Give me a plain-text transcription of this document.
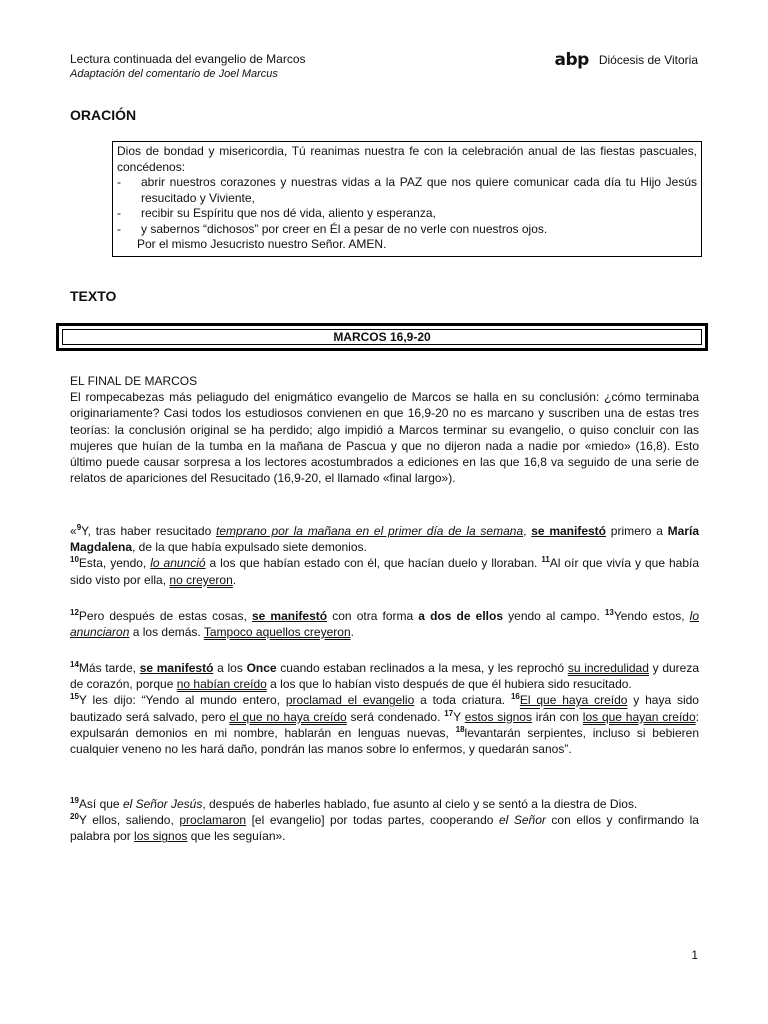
Lectura continuada del evangelio de Marcos
Adaptación del comentario de Joel Marcus
abp Diócesis de Vitoria
ORACIÓN
Dios de bondad y misericordia, Tú reanimas nuestra fe con la celebración anual de las fiestas pascuales, concédenos:
- abrir nuestros corazones y nuestras vidas a la PAZ que nos quiere comunicar cada día tu Hijo Jesús resucitado y Viviente,
- recibir su Espíritu que nos dé vida, aliento y esperanza,
- y sabernos “dichosos” por creer en Él a pesar de no verle con nuestros ojos.
Por el mismo Jesucristo nuestro Señor. AMEN.
TEXTO
MARCOS 16,9-20
EL FINAL DE MARCOS
El rompecabezas más peliagudo del enigmático evangelio de Marcos se halla en su conclusión: ¿cómo terminaba originariamente? Casi todos los estudiosos convienen en que 16,9-20 no es marcano y suscriben una de estas tres teorías: la conclusión original se ha perdido; algo impidió a Marcos terminar su evangelio, o quiso concluir con las mujeres que huían de la tumba en la mañana de Pascua y que no dijeron nada a nadie por «miedo» (16,8). Esto último puede causar sorpresa a los lectores acostumbrados a ediciones en las que 16,8 va seguido de una serie de relatos de apariciones del Resucitado (16,9-20, el llamado «final largo»).
«$^9$Y, tras haber resucitado temprano por la mañana en el primer día de la semana, se manifestó primero a María Magdalena, de la que había expulsado siete demonios.
$^{10}$Esta, yendo, lo anunció a los que habían estado con él, que hacían duelo y lloraban. $^{11}$Al oír que vivía y que había sido visto por ella, no creyeron.
$^{12}$Pero después de estas cosas, se manifestó con otra forma a dos de ellos yendo al campo. $^{13}$Yendo estos, lo anunciaron a los demás. Tampoco aquellos creyeron.
$^{14}$Más tarde, se manifestó a los Once cuando estaban reclinados a la mesa, y les reprochó su incredulidad y dureza de corazón, porque no habían creído a los que lo habían visto después de que él hubiera sido resucitado.
$^{15}$Y les dijo: “Yendo al mundo entero, proclamad el evangelio a toda criatura. $^{16}$El que haya creído y haya sido bautizado será salvado, pero el que no haya creído será condenado. $^{17}$Y estos signos irán con los que hayan creído: expulsarán demonios en mi nombre, hablarán en lenguas nuevas, $^{18}$levantarán serpientes, incluso si bebieren cualquier veneno no les hará daño, pondrán las manos sobre lo enfermos, y quedarán sanos”.
$^{19}$Así que el Señor Jesús, después de haberles hablado, fue asunto al cielo y se sentó a la diestra de Dios.
$^{20}$Y ellos, saliendo, proclamaron [el evangelio] por todas partes, cooperando el Señor con ellos y confirmando la palabra por los signos que les seguían».
1
